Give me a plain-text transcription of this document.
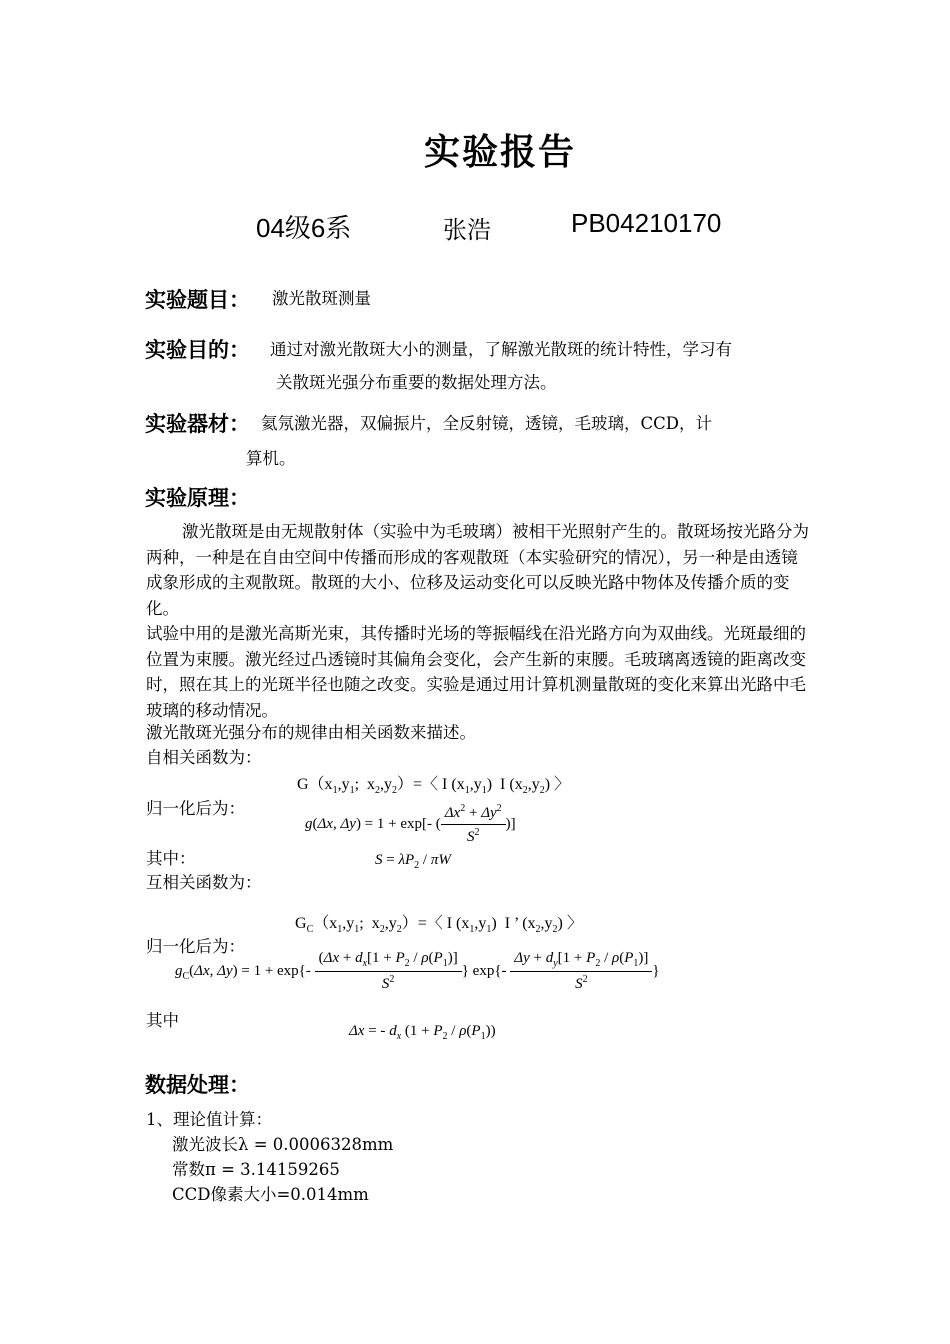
实验报告
04级6系	张浩	PB04210170
实验题目： 激光散斑测量
实验目的： 通过对激光散斑大小的测量，了解激光散斑的统计特性，学习有
关散斑光强分布重要的数据处理方法。
实验器材： 氦氖激光器，双偏振片，全反射镜，透镜，毛玻璃，CCD，计
算机。
实验原理：
激光散斑是由无规散射体（实验中为毛玻璃）被相干光照射产生的。散斑场按光路分为两种，一种是在自由空间中传播而形成的客观散斑（本实验研究的情况），另一种是由透镜成象形成的主观散斑。散斑的大小、位移及运动变化可以反映光路中物体及传播介质的变化。
试验中用的是激光高斯光束，其传播时光场的等振幅线在沿光路方向为双曲线。光斑最细的位置为束腰。激光经过凸透镜时其偏角会变化，会产生新的束腰。毛玻璃离透镜的距离改变时，照在其上的光斑半径也随之改变。实验是通过用计算机测量散斑的变化来算出光路中毛玻璃的移动情况。
激光散斑光强分布的规律由相关函数来描述。
自相关函数为：
$G(x_1,y_1$;  $x_2,y_2)=$〈 I $(x_1,y_1)$  I $(x_2,y_2)$ 〉
归一化后为：
g(Δx, Δy) = 1 + exp[- ( $\frac{\Delta x^2 + \Delta y^2}{S^2}$ )]
其中：	$S = \lambda P_2 / \pi W$
互相关函数为：
$G_C(x_1,y_1$;  $x_2,y_2)=$〈 I $(x_1,y_1)$  I ’ $(x_2,y_2)$ 〉
归一化后为：
$g_C(\Delta x$, $\Delta y) = 1 + \exp\{- \frac{(\Delta x + d_x[1 + P_2 / \rho(P_1)]}{S^2}$ } $\exp\{- \frac{\Delta y + d_y[1 + P_2 / \rho(P_1)]}{S^2}$ }
其中
Δx = - $d_x$ $(1 + P_2 / \rho(P_1))$
数据处理：
1、理论值计算：
激光波长λ = 0.0006328mm
常数π = 3.14159265
CCD像素大小=0.014mm
